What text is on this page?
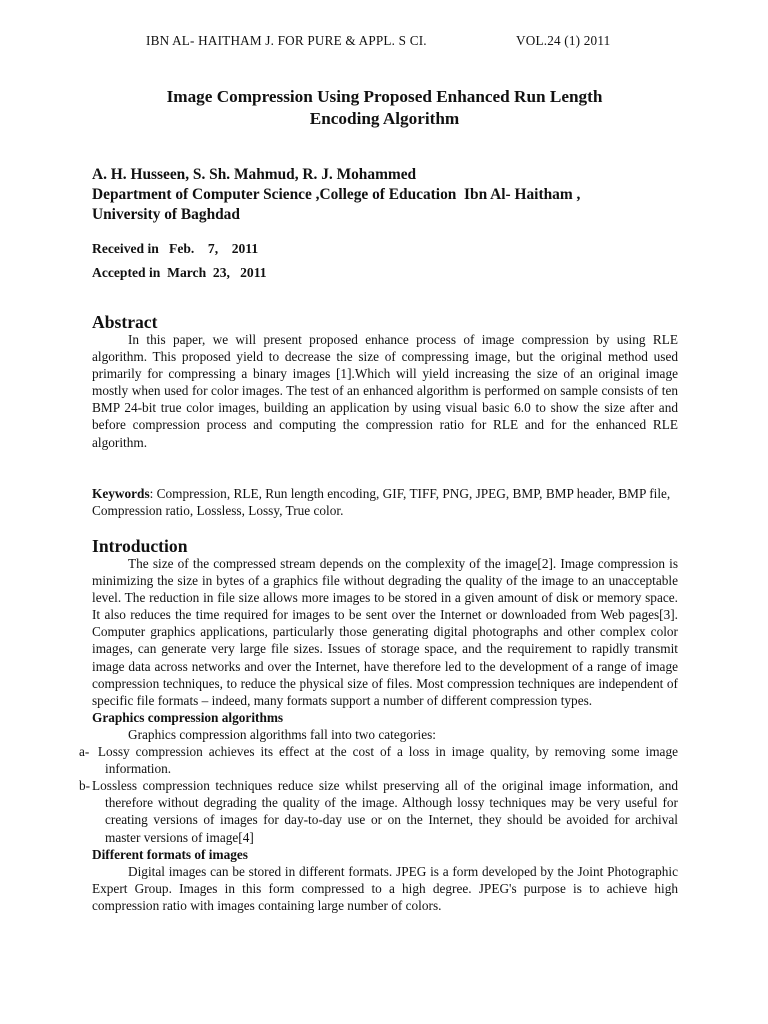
IBN AL- HAITHAM J. FOR PURE & APPL. S CI.	VOL.24 (1) 2011
Image Compression Using Proposed Enhanced Run Length
Encoding Algorithm
A. H. Husseen, S. Sh. Mahmud, R. J. Mohammed
Department of Computer Science ,College of Education  Ibn Al- Haitham ,
University of Baghdad
Received in   Feb.    7,    2011
Accepted in  March  23,   2011
Abstract

In this paper, we will present proposed enhance process of image compression by using RLE algorithm. This proposed yield to decrease the size of compressing image, but the original method used primarily for compressing a binary images [1].Which will yield increasing the size of an original image mostly when used for color images. The test of an enhanced algorithm is performed on sample consists of ten BMP 24-bit true color images, building an application by using visual basic 6.0 to show the size after and before compression process and computing the compression ratio for RLE and for the enhanced RLE algorithm.

Keywords: Compression, RLE, Run length encoding, GIF, TIFF, PNG, JPEG, BMP, BMP header, BMP file, Compression ratio, Lossless, Lossy, True color.
Introduction

The size of the compressed stream depends on the complexity of the image[2]. Image compression is minimizing the size in bytes of a graphics file without degrading the quality of the image to an unacceptable level. The reduction in file size allows more images to be stored in a given amount of disk or memory space. It also reduces the time required for images to be sent over the Internet or downloaded from Web pages[3]. Computer graphics applications, particularly those generating digital photographs and other complex color images, can generate very large file sizes. Issues of storage space, and the requirement to rapidly transmit image data across networks and over the Internet, have therefore led to the development of a range of image compression techniques, to reduce the physical size of files. Most compression techniques are independent of specific file formats – indeed, many formats support a number of different compression types.

Graphics compression algorithms

Graphics compression algorithms fall into two categories:

a- Lossy compression achieves its effect at the cost of a loss in image quality, by removing some image information.

b- Lossless compression techniques reduce size whilst preserving all of the original image information, and therefore without degrading the quality of the image. Although lossy techniques may be very useful for creating versions of images for day-to-day use or on the Internet, they should be avoided for archival master versions of image[4]

Different formats of images

Digital images can be stored in different formats. JPEG is a form developed by the Joint Photographic Expert Group. Images in this form compressed to a high degree. JPEG's purpose is to achieve high compression ratio with images containing large number of colors.
